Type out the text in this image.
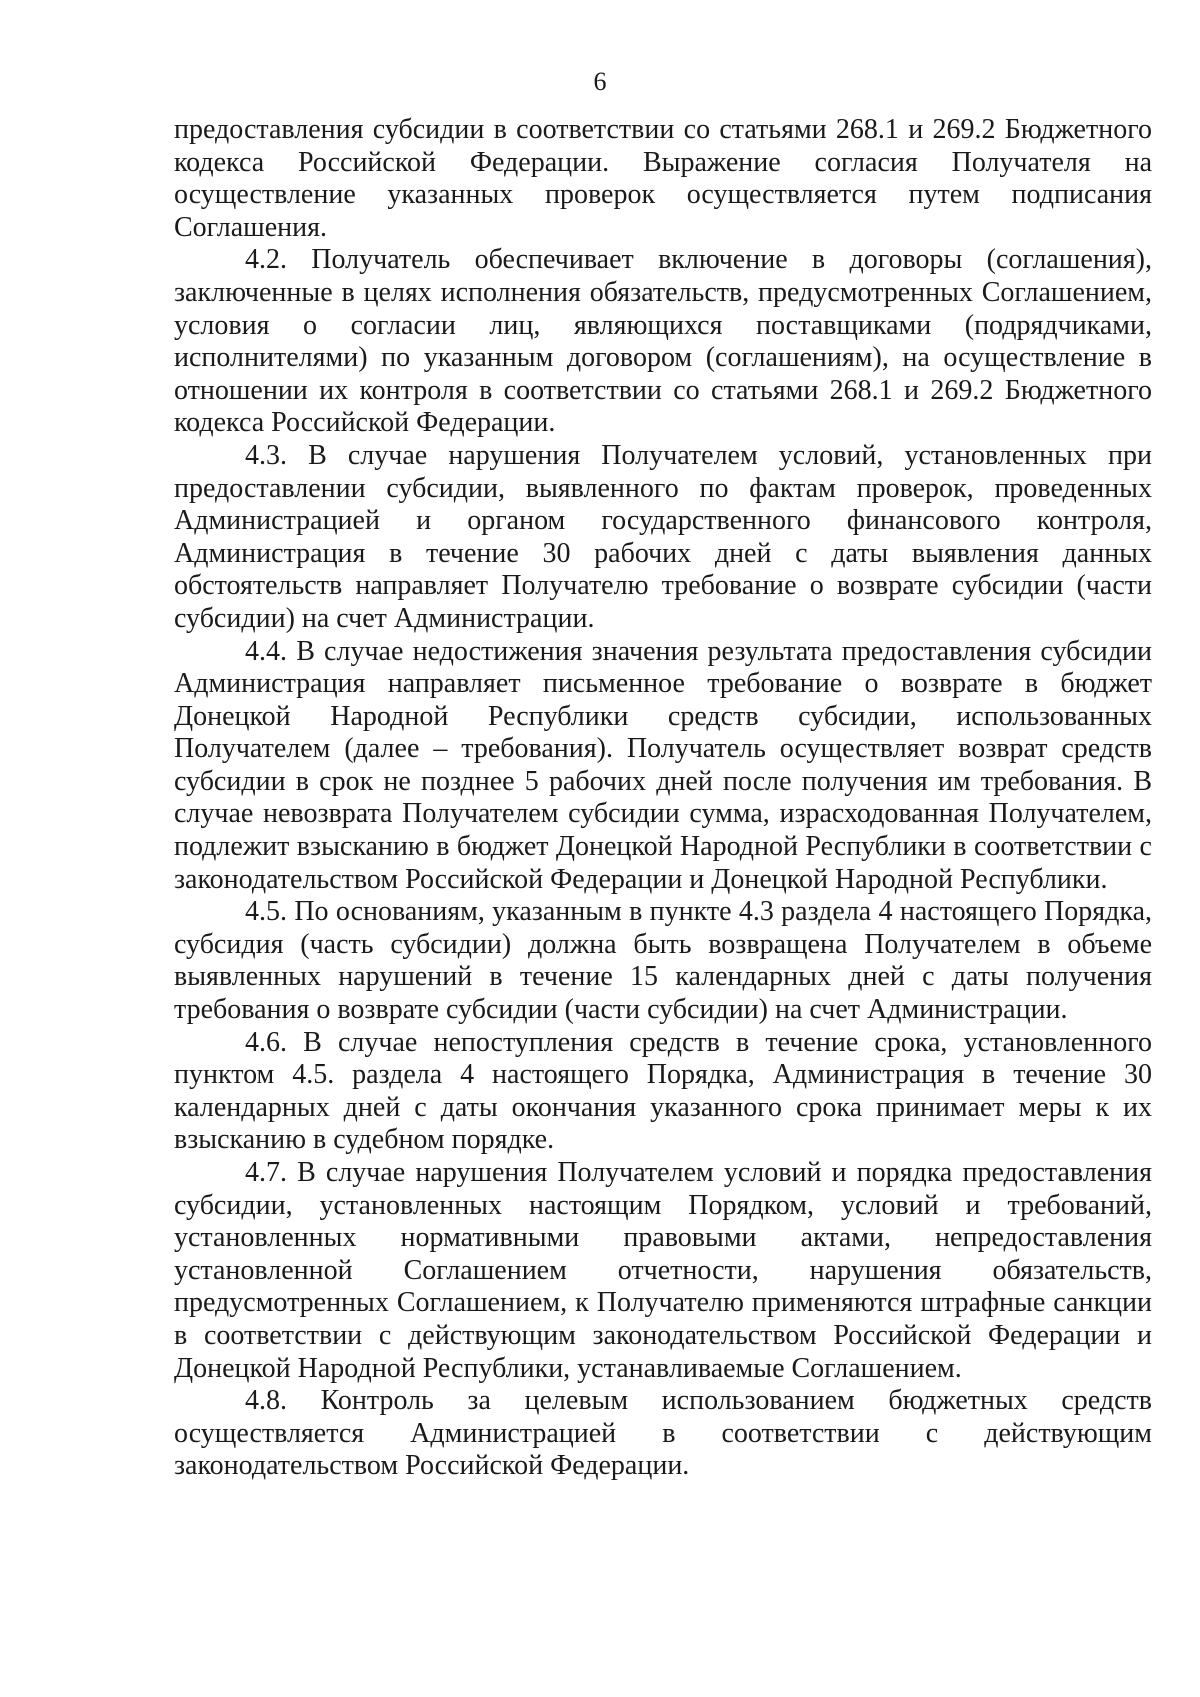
6

предоставления субсидии в соответствии со статьями 268.1 и 269.2 Бюджетного кодекса Российской Федерации. Выражение согласия Получателя на осуществление указанных проверок осуществляется путем подписания Соглашения.

4.2. Получатель обеспечивает включение в договоры (соглашения), заключенные в целях исполнения обязательств, предусмотренных Соглашением, условия о согласии лиц, являющихся поставщиками (подрядчиками, исполнителями) по указанным договором (соглашениям), на осуществление в отношении их контроля в соответствии со статьями 268.1 и 269.2 Бюджетного кодекса Российской Федерации.

4.3. В случае нарушения Получателем условий, установленных при предоставлении субсидии, выявленного по фактам проверок, проведенных Администрацией и органом государственного финансового контроля, Администрация в течение 30 рабочих дней с даты выявления данных обстоятельств направляет Получателю требование о возврате субсидии (части субсидии) на счет Администрации.

4.4. В случае недостижения значения результата предоставления субсидии Администрация направляет письменное требование о возврате в бюджет Донецкой Народной Республики средств субсидии, использованных Получателем (далее – требования). Получатель осуществляет возврат средств субсидии в срок не позднее 5 рабочих дней после получения им требования. В случае невозврата Получателем субсидии сумма, израсходованная Получателем, подлежит взысканию в бюджет Донецкой Народной Республики в соответствии с законодательством Российской Федерации и Донецкой Народной Республики.

4.5. По основаниям, указанным в пункте 4.3 раздела 4 настоящего Порядка, субсидия (часть субсидии) должна быть возвращена Получателем в объеме выявленных нарушений в течение 15 календарных дней с даты получения требования о возврате субсидии (части субсидии) на счет Администрации.

4.6. В случае непоступления средств в течение срока, установленного пунктом 4.5. раздела 4 настоящего Порядка, Администрация в течение 30 календарных дней с даты окончания указанного срока принимает меры к их взысканию в судебном порядке.

4.7. В случае нарушения Получателем условий и порядка предоставления субсидии, установленных настоящим Порядком, условий и требований, установленных нормативными правовыми актами, непредоставления установленной Соглашением отчетности, нарушения обязательств, предусмотренных Соглашением, к Получателю применяются штрафные санкции в соответствии с действующим законодательством Российской Федерации и Донецкой Народной Республики, устанавливаемые Соглашением.

4.8. Контроль за целевым использованием бюджетных средств осуществляется Администрацией в соответствии с действующим законодательством Российской Федерации.
